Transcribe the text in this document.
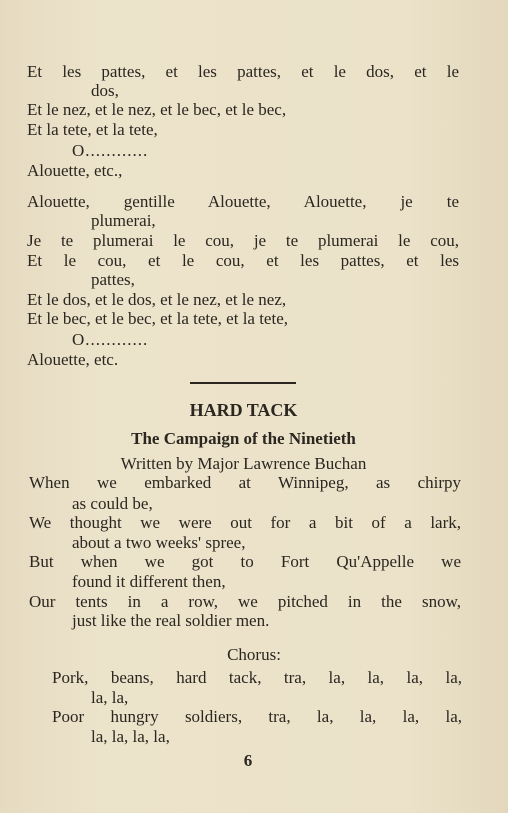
Et les pattes, et les pattes, et le dos, et le
dos,
Et le nez, et le nez, et le bec, et le bec,
Et la tete, et la tete,
O............
Alouette, etc.,
Alouette, gentille Alouette, Alouette, je te
plumerai,
Je te plumerai le cou, je te plumerai le cou,
Et le cou, et le cou, et les pattes, et les
pattes,
Et le dos, et le dos, et le nez, et le nez,
Et le bec, et le bec, et la tete, et la tete,
O............
Alouette, etc.
HARD TACK
The Campaign of the Ninetieth
Written by Major Lawrence Buchan
When we embarked at Winnipeg, as chirpy
as could be,
We thought we were out for a bit of a lark,
about a two weeks' spree,
But when we got to Fort Qu'Appelle we
found it different then,
Our tents in a row, we pitched in the snow,
just like the real soldier men.
Chorus:
Pork, beans, hard tack, tra, la, la, la, la,
la, la,
Poor hungry soldiers, tra, la, la, la, la,
la, la, la, la,
6
